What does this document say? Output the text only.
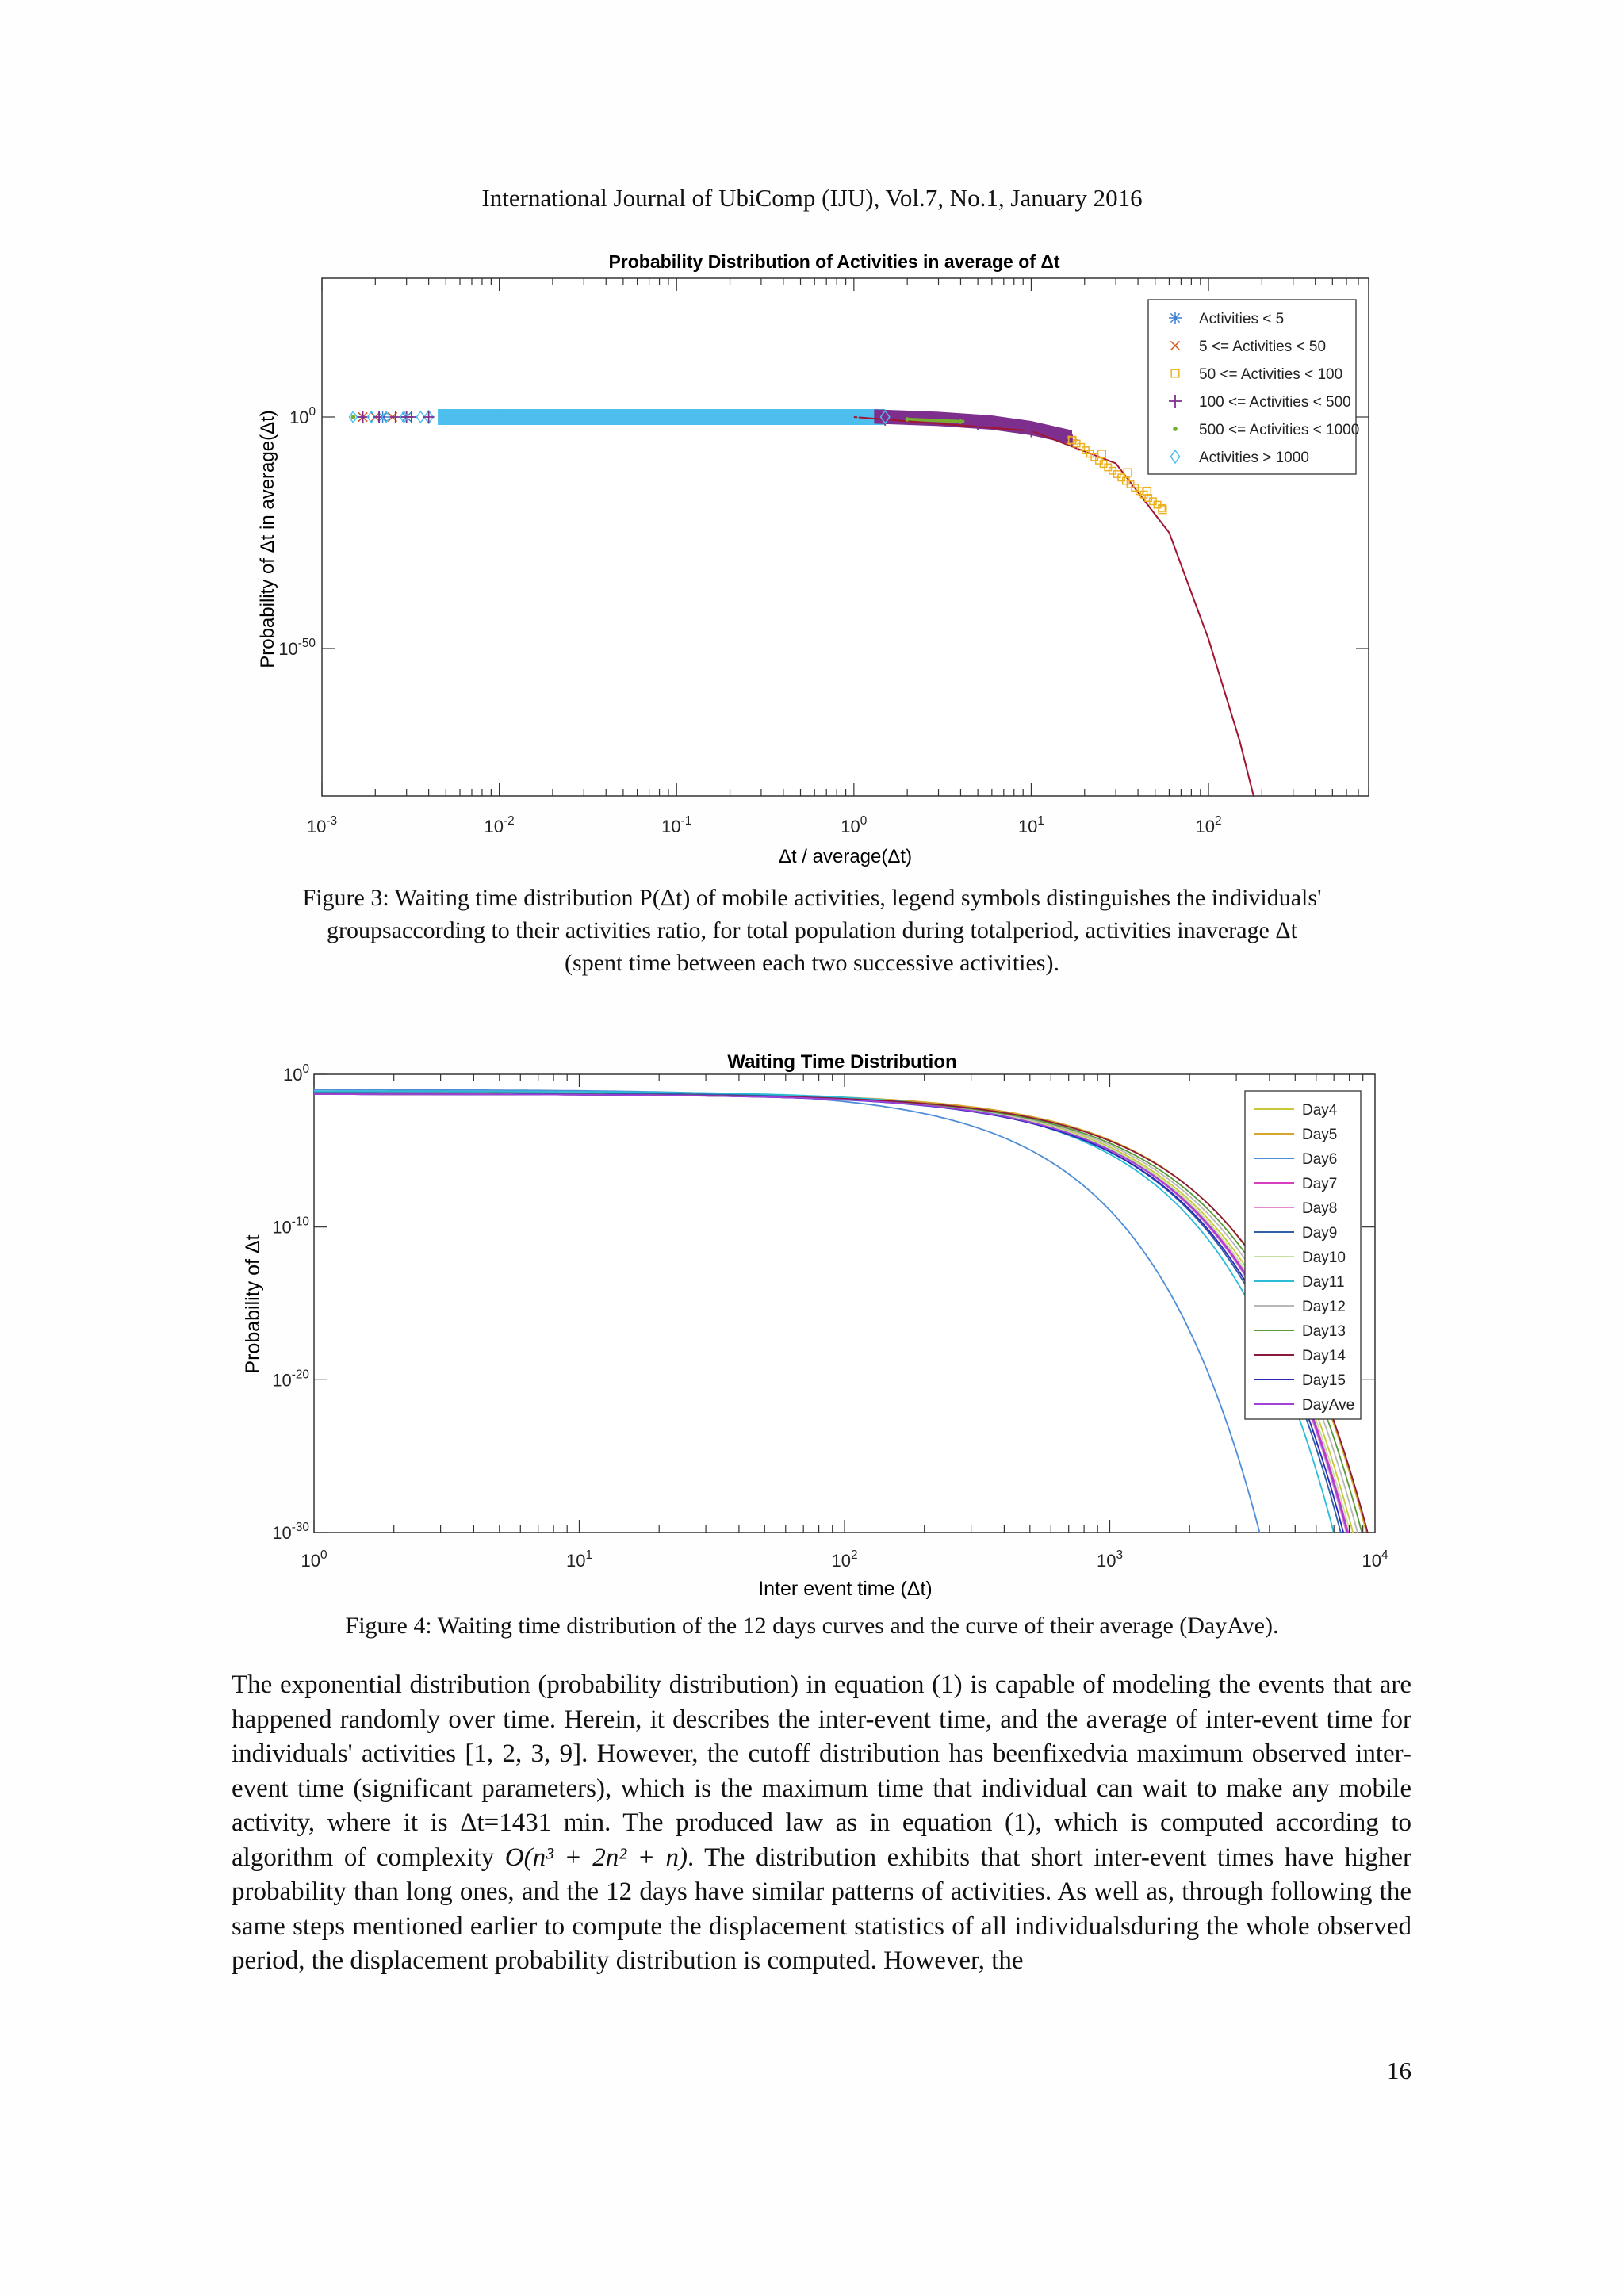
International Journal of UbiComp (IJU), Vol.7, No.1, January 2016
Probability Distribution of Activities in average of Δt
$10^{-3}$	$10^{-2}$	$10^{-1}$	$10^0$	$10^1$	$10^2$
$10^0$
$10^{-50}$
Activities < 5
5 <= Activities < 50
50 <= Activities < 100
100 <= Activities < 500
500 <= Activities < 1000
Activities > 1000
Δt / average(Δt)
Probability of Δt in average(Δt)
Figure 3: Waiting time distribution P(Δt) of mobile activities, legend symbols distinguishes the individuals'
groupsaccording to their activities ratio, for total population during totalperiod, activities inaverage Δt
(spent time between each two successive activities).
Waiting Time Distribution
$10^0$	$10^1$	$10^2$	$10^3$	$10^4$
$10^0$
$10^{-10}$
$10^{-20}$
$10^{-30}$
Day4
Day5
Day6
Day7
Day8
Day9
Day10
Day11
Day12
Day13
Day14
Day15
DayAve
Inter event time (Δt)
Probability of Δt
Figure 4: Waiting time distribution of the 12 days curves and the curve of their average (DayAve).

The exponential distribution (probability distribution) in equation (1) is capable of modeling the events that are happened randomly over time. Herein, it describes the inter-event time, and the average of inter-event time for individuals' activities [1, 2, 3, 9]. However, the cutoff distribution has beenfixedvia maximum observed inter-event time (significant parameters), which is the maximum time that individual can wait to make any mobile activity, where it is Δt=1431 min. The produced law as in equation (1), which is computed according to algorithm of complexity O(n³ + 2n² + n). The distribution exhibits that short inter-event times have higher probability than long ones, and the 12 days have similar patterns of activities. As well as, through following the same steps mentioned earlier to compute the displacement statistics of all individualsduring the whole observed period, the displacement probability distribution is computed. However, the

16
